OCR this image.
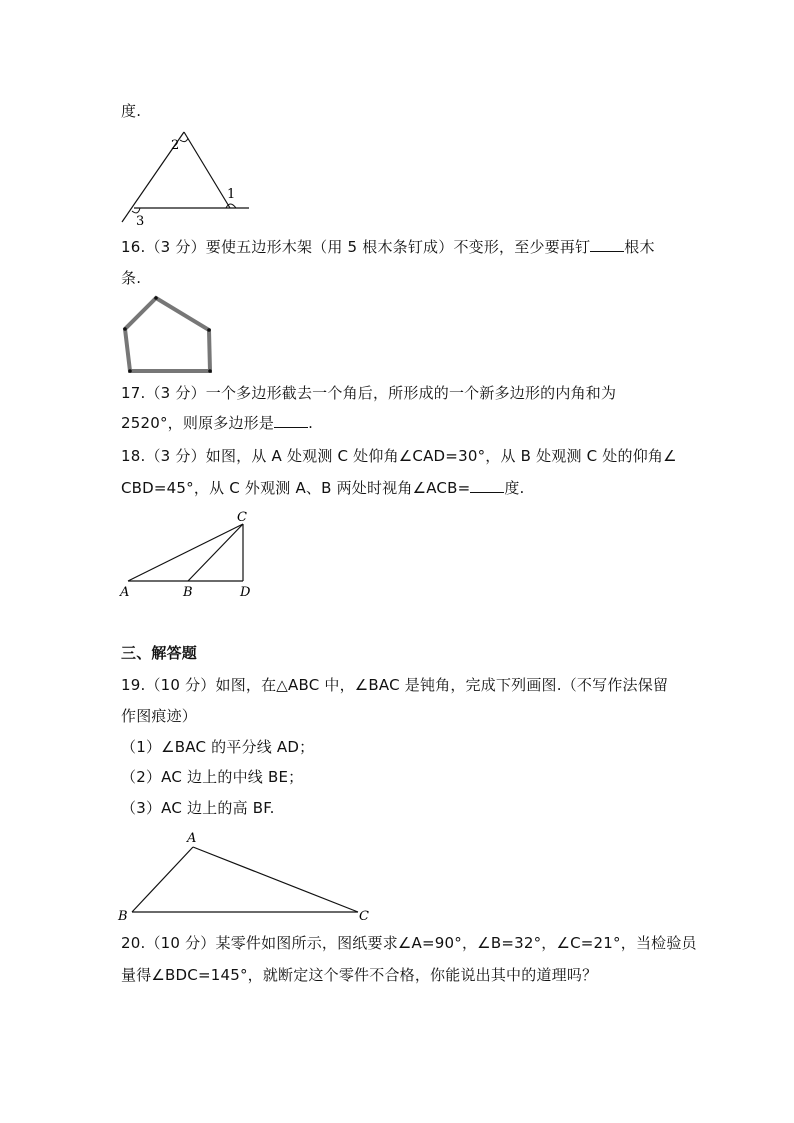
度.
2
1
3
16.（3 分）要使五边形木架（用 5 根木条钉成）不变形，至少要再钉 根木
条.
17.（3 分）一个多边形截去一个角后，所形成的一个新多边形的内角和为
2520°，则原多边形是 .
18.（3 分）如图，从 A 处观测 C 处仰角∠CAD=30°，从 B 处观测 C 处的仰角∠
CBD=45°，从 C 外观测 A、B 两处时视角∠ACB= 度.
C
A	B	D
三、解答题
19.（10 分）如图，在△ABC 中，∠BAC 是钝角，完成下列画图.（不写作法保留
作图痕迹）
（1）∠BAC 的平分线 AD；
（2）AC 边上的中线 BE；
（3）AC 边上的高 BF.
A
B	C
20.（10 分）某零件如图所示，图纸要求∠A=90°，∠B=32°，∠C=21°，当检验员
量得∠BDC=145°，就断定这个零件不合格，你能说出其中的道理吗？
